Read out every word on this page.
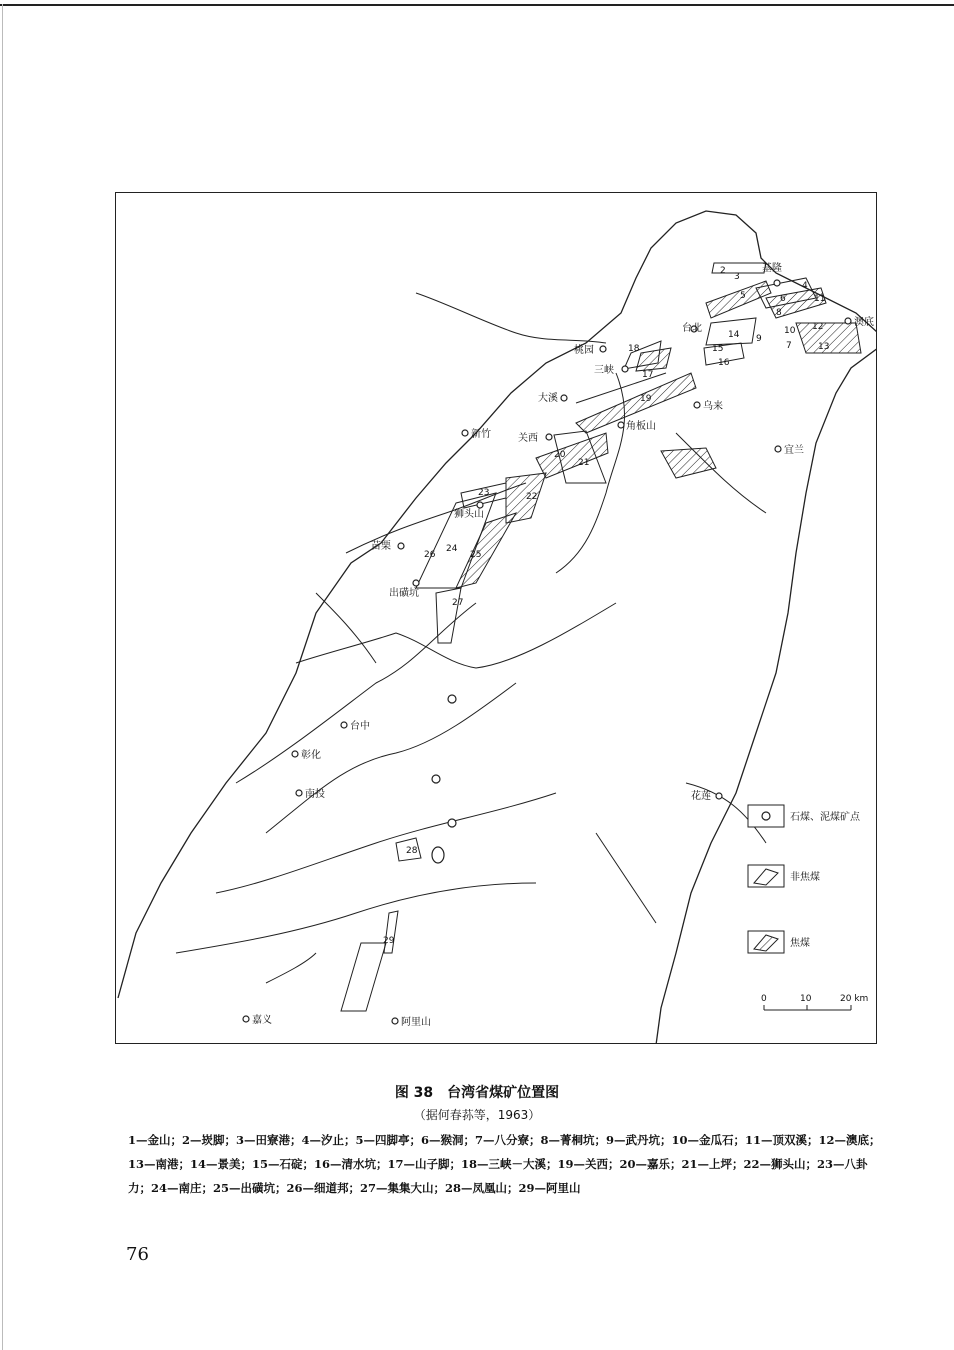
2
3
4
5	6
7
8
9
10
11
12
13
14
15
16
17
18
19
20
21
22
23
24
25
26
27
28
29
基隆
澳底
台北
桃园
三峡
大溪
乌来
角板山
新竹	关西
宜兰
狮头山
苗栗
出磺坑
台中
彰化
南投	花莲
阿里山
嘉义
石煤、泥煤矿点
非焦煤
焦煤
0	10	20 km
图 38　台湾省煤矿位置图
（据何春荪等，1963）
1—金山；2—崁脚；3—田寮港；4—汐止；5—四脚亭；6—猴洞；7—八分寮；8—菁桐坑；9—武丹坑；10—金瓜石；11—顶双溪；12—澳底；13—南港；14—景美；15—石碇；16—清水坑；17—山子脚；18—三峡－大溪；19—关西；20—嘉乐；21—上坪；22—狮头山；23—八卦力；24—南庄；25—出磺坑；26—细道邦；27—集集大山；28—凤凰山；29—阿里山
76
